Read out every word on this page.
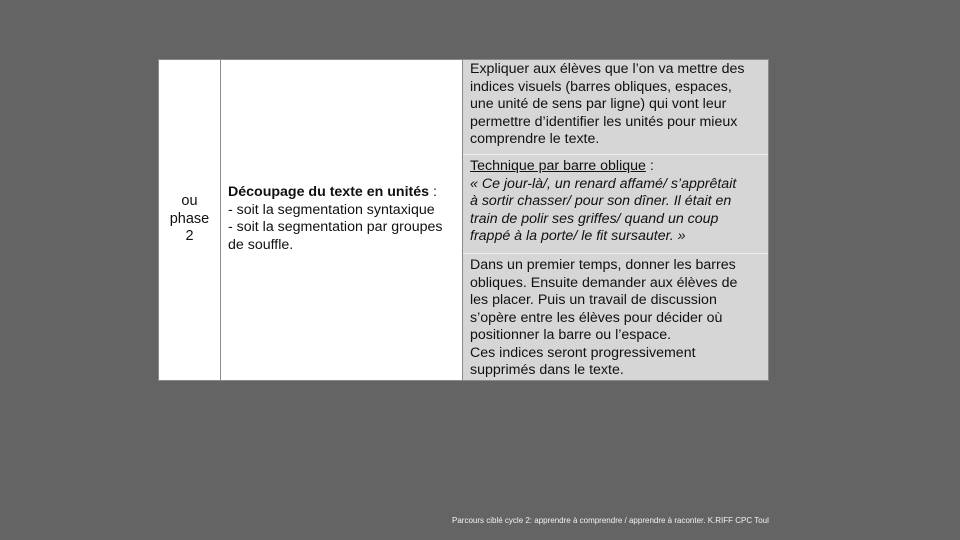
ou
phase
2
Découpage du texte en unités :
- soit la segmentation syntaxique
- soit la segmentation par groupes
de souffle.
Expliquer aux élèves que l’on va mettre des
indices visuels (barres obliques, espaces,
une unité de sens par ligne) qui vont leur
permettre d’identifier les unités pour mieux
comprendre le texte.
Technique par barre oblique :
« Ce jour-là/, un renard affamé/ s’apprêtait
à sortir chasser/ pour son dîner. Il était en
train de polir ses griffes/ quand un coup
frappé à la porte/ le fit sursauter. »
Dans un premier temps, donner les barres
obliques. Ensuite demander aux élèves de
les placer. Puis un travail de discussion
s’opère entre les élèves pour décider où
positionner la barre ou l’espace.
Ces indices seront progressivement
supprimés dans le texte.
Parcours ciblé cycle 2: apprendre à comprendre / apprendre à raconter. K.RIFF CPC Toul
